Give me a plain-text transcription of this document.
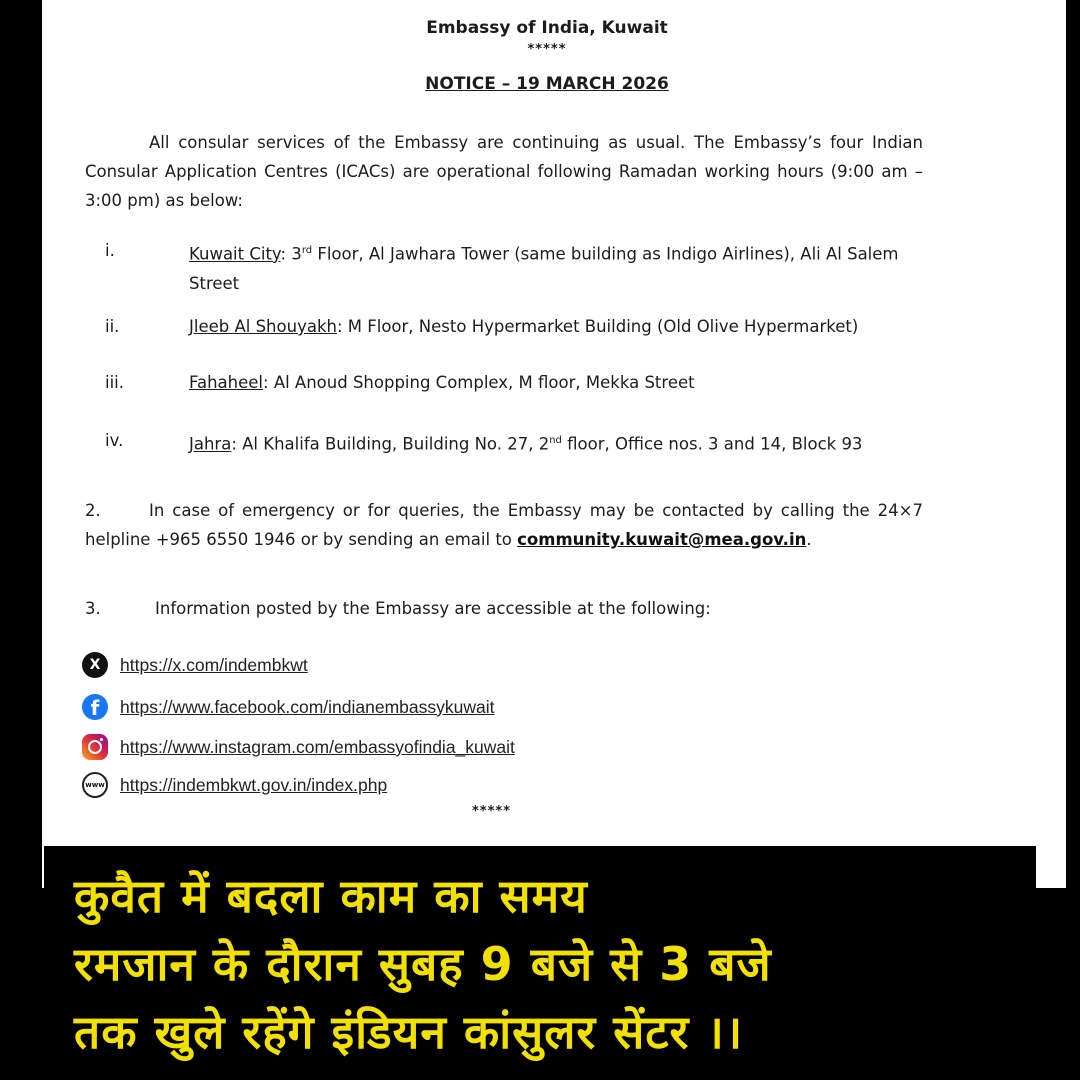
Embassy of India, Kuwait
*****
NOTICE – 19 MARCH 2026
All consular services of the Embassy are continuing as usual. The Embassy’s four Indian Consular Application Centres (ICACs) are operational following Ramadan working hours (9:00 am – 3:00 pm) as below:
i.	Kuwait City: 3rd Floor, Al Jawhara Tower (same building as Indigo Airlines), Ali Al Salem Street
ii.	Jleeb Al Shouyakh: M Floor, Nesto Hypermarket Building (Old Olive Hypermarket)
iii.	Fahaheel: Al Anoud Shopping Complex, M floor, Mekka Street
iv.	Jahra: Al Khalifa Building, Building No. 27, 2nd floor, Office nos. 3 and 14, Block 93
2.	In case of emergency or for queries, the Embassy may be contacted by calling the 24×7 helpline +965 6550 1946 or by sending an email to community.kuwait@mea.gov.in.
3.	Information posted by the Embassy are accessible at the following:
X	https://x.com/indembkwt
f	https://www.facebook.com/indianembassykuwait
https://www.instagram.com/embassyofindia_kuwait
www https://indembkwt.gov.in/index.php
*****
कुवैत में बदला काम का समय
रमजान के दौरान सुबह 9 बजे से 3 बजे
तक खुले रहेंगे इंडियन कांसुलर सेंटर ।।
